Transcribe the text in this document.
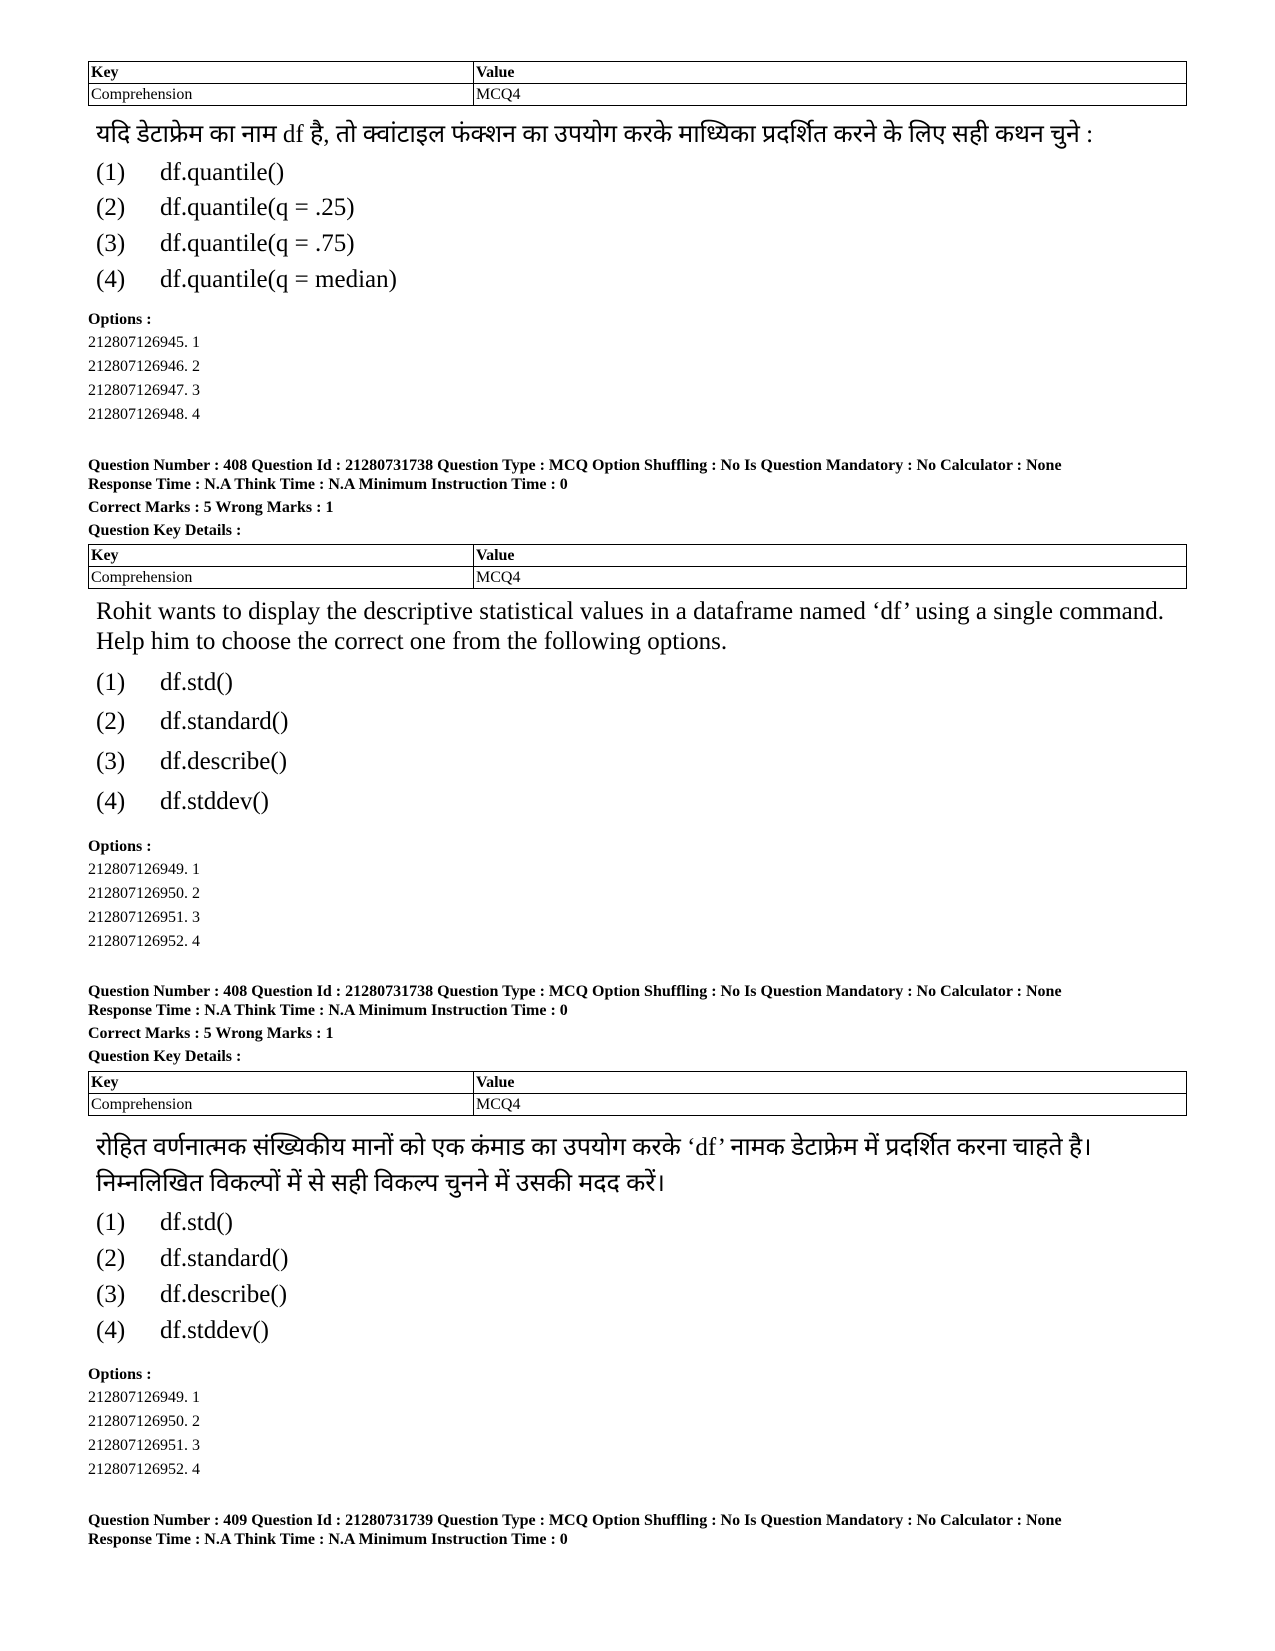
Key	Value
Comprehension	MCQ4
यदि डेटाफ्रेम का नाम df है, तो क्वांटाइल फंक्शन का उपयोग करके माध्यिका प्रदर्शित करने के लिए सही कथन चुने :
(1) df.quantile()
(2) df.quantile(q = .25)
(3) df.quantile(q = .75)
(4) df.quantile(q = median)
Options :
212807126945. 1
212807126946. 2
212807126947. 3
212807126948. 4
Question Number : 408 Question Id : 21280731738 Question Type : MCQ Option Shuffling : No Is Question Mandatory : No Calculator : None
Response Time : N.A Think Time : N.A Minimum Instruction Time : 0
Correct Marks : 5 Wrong Marks : 1
Question Key Details :
Key	Value
Comprehension	MCQ4
Rohit wants to display the descriptive statistical values in a dataframe named ‘df’ using a single command. Help him to choose the correct one from the following options.
(1) df.std()
(2) df.standard()
(3) df.describe()
(4) df.stddev()
Options :
212807126949. 1
212807126950. 2
212807126951. 3
212807126952. 4
Question Number : 408 Question Id : 21280731738 Question Type : MCQ Option Shuffling : No Is Question Mandatory : No Calculator : None
Response Time : N.A Think Time : N.A Minimum Instruction Time : 0
Correct Marks : 5 Wrong Marks : 1
Question Key Details :
Key	Value
Comprehension	MCQ4
रोहित वर्णनात्मक संख्यिकीय मानों को एक कंमाड का उपयोग करके ‘df’ नामक डेटाफ्रेम में प्रदर्शित करना चाहते है। निम्नलिखित विकल्पों में से सही विकल्प चुनने में उसकी मदद करें।
(1) df.std()
(2) df.standard()
(3) df.describe()
(4) df.stddev()
Options :
212807126949. 1
212807126950. 2
212807126951. 3
212807126952. 4
Question Number : 409 Question Id : 21280731739 Question Type : MCQ Option Shuffling : No Is Question Mandatory : No Calculator : None
Response Time : N.A Think Time : N.A Minimum Instruction Time : 0
